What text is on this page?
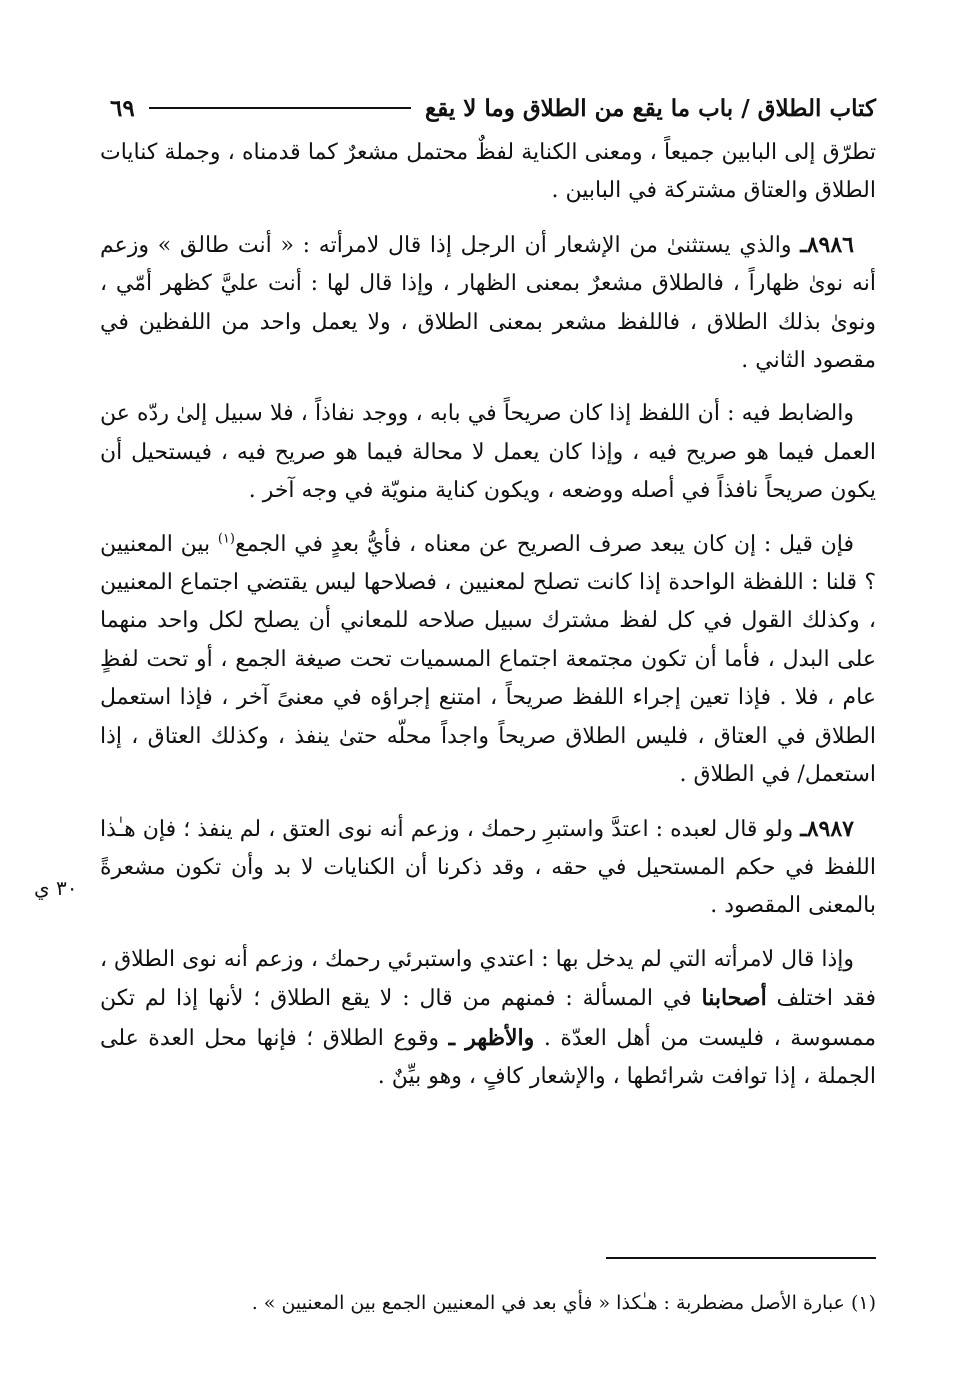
كتاب الطلاق / باب ما يقع من الطلاق وما لا يقع
٦٩

تطرّق إلى البابين جميعاً ، ومعنى الكناية لفظٌ محتمل مشعرٌ كما قدمناه ، وجملة كنايات الطلاق والعتاق مشتركة في البابين .

٨٩٨٦ـ والذي يستثنىٰ من الإشعار أن الرجل إذا قال لامرأته : « أنت طالق » وزعم أنه نوىٰ ظهاراً ، فالطلاق مشعرٌ بمعنى الظهار ، وإذا قال لها : أنت عليَّ كظهر أمّي ، ونوىٰ بذلك الطلاق ، فاللفظ مشعر بمعنى الطلاق ، ولا يعمل واحد من اللفظين في مقصود الثاني .

والضابط فيه : أن اللفظ إذا كان صريحاً في بابه ، ووجد نفاذاً ، فلا سبيل إلىٰ ردّه عن العمل فيما هو صريح فيه ، وإذا كان يعمل لا محالة فيما هو صريح فيه ، فيستحيل أن يكون صريحاً نافذاً في أصله ووضعه ، ويكون كناية منويّة في وجه آخر .

فإن قيل : إن كان يبعد صرف الصريح عن معناه ، فأيُّ بعدٍ في الجمع$^{(١)}$ بين المعنيين ؟ قلنا : اللفظة الواحدة إذا كانت تصلح لمعنيين ، فصلاحها ليس يقتضي اجتماع المعنيين ، وكذلك القول في كل لفظ مشترك سبيل صلاحه للمعاني أن يصلح لكل واحد منهما على البدل ، فأما أن تكون مجتمعة اجتماع المسميات تحت صيغة الجمع ، أو تحت لفظٍ عام ، فلا . فإذا تعين إجراء اللفظ صريحاً ، امتنع إجراؤه في معنىً آخر ، فإذا استعمل الطلاق في العتاق ، فليس الطلاق صريحاً واجداً محلّه حتىٰ ينفذ ، وكذلك العتاق ، إذا استعمل/ في الطلاق .

٨٩٨٧ـ ولو قال لعبده : اعتدَّ واستبرِ رحمك ، وزعم أنه نوى العتق ، لم ينفذ ؛ فإن هـٰذا اللفظ في حكم المستحيل في حقه ، وقد ذكرنا أن الكنايات لا بد وأن تكون مشعرةً بالمعنى المقصود .

وإذا قال لامرأته التي لم يدخل بها : اعتدي واستبرئي رحمك ، وزعم أنه نوى الطلاق ، فقد اختلف أصحابنا في المسألة : فمنهم من قال : لا يقع الطلاق ؛ لأنها إذا لم تكن ممسوسة ، فليست من أهل العدّة . والأظهر ـ وقوع الطلاق ؛ فإنها محل العدة على الجملة ، إذا توافت شرائطها ، والإشعار كافٍ ، وهو بيِّنٌ .

٣٠ ي
(١) عبارة الأصل مضطربة : هـٰكذا « فأي بعد في المعنيين الجمع بين المعنيين » .
